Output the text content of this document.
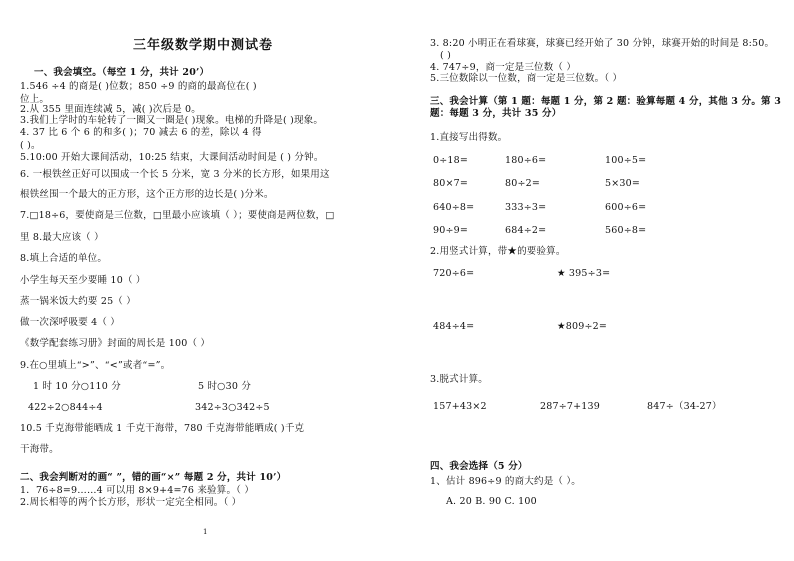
三年级数学期中测试卷
一、我会填空。（每空 1 分，共计 20’）
1.546 ÷4 的商是( )位数；850 ÷9 的商的最高位在( )
位上。
2.从 355 里面连续减 5，减( )次后是 0。
3.我们上学时的车轮转了一圈又一圈是( )现象。电梯的升降是( )现象。
4. 37 比 6 个 6 的和多( )；70 减去 6 的差，除以 4 得
( )。
5.10:00 开始大课间活动，10:25 结束，大课间活动时间是 ( ) 分钟。
6. 一根铁丝正好可以围成一个长 5 分米，宽 3 分米的长方形，如果用这
根铁丝围一个最大的正方形，这个正方形的边长是( )分米。
7.□18÷6，要使商是三位数，□里最小应该填（ ）；要使商是两位数，□
里 8.最大应该（ ）
8.填上合适的单位。
小学生每天至少要睡 10（ ）
蒸一锅米饭大约要 25（ ）
做一次深呼吸要 4（ ）
《数学配套练习册》封面的周长是 100（ ）
9.在○里填上“>”、“<”或者“=”。
1 时 10 分○110 分	5 时○30 分
422÷2○844÷4	342÷3○342÷5
10.5 千克海带能晒成 1 千克干海带，780 千克海带能晒成( )千克
干海带。
二、我会判断对的画“ ”，错的画“×” 每题 2 分，共计 10’）
1．76÷8=9……4 可以用 8×9+4=76 来验算。（ ）
2.周长相等的两个长方形，形状一定完全相同。（ ）
1
3. 8:20 小明正在看球赛，球赛已经开始了 30 分钟，球赛开始的时间是 8:50。
( )
4. 747÷9，商一定是三位数（ ）
5.三位数除以一位数，商一定是三位数。（ ）
三、我会计算（第 1 题：每题 1 分，第 2 题：验算每题 4 分，其他 3 分。第 3
题：每题 3 分，共计 35 分）
1.直接写出得数。
0÷18=	180÷6=	100÷5=
80×7=	80÷2=	5×30=
640÷8=	333÷3=	600÷6=
90÷9=	684÷2=	560÷8=
2.用竖式计算，带★的要验算。
720÷6=	★ 395÷3=
484÷4=	★809÷2=
3.脱式计算。
157+43×2	287÷7+139	847÷（34-27）
四、我会选择（5 分）
1、估计 896÷9 的商大约是（ ）。
A. 20 B. 90 C. 100
